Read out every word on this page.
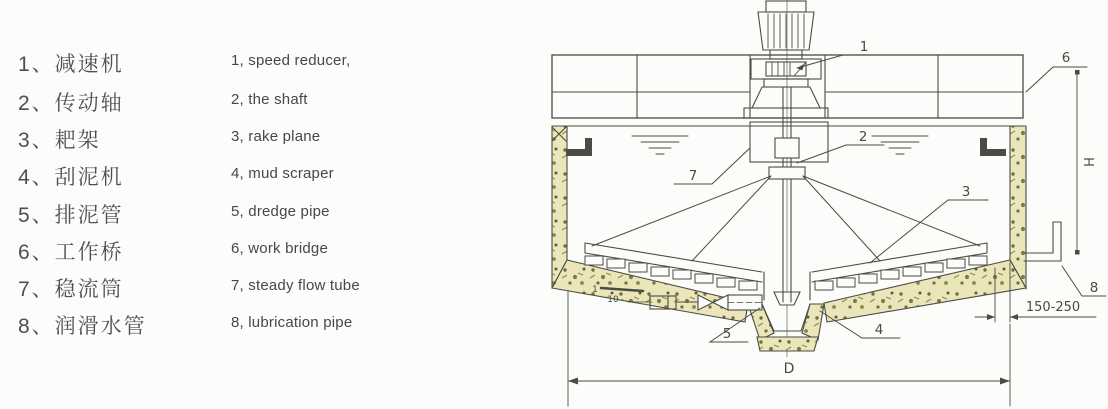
1、减速机	1, speed reducer,
2、传动轴	2, the shaft
3、耙架	3, rake plane
4、刮泥机	4, mud scraper
5、排泥管	5, dredge pipe
6、工作桥	6, work bridge
7、稳流筒	7, steady flow tube
8、润滑水管	8, lubrication pipe
1
10
1
2
3
4
5
6
7
8
H
150-250
D
